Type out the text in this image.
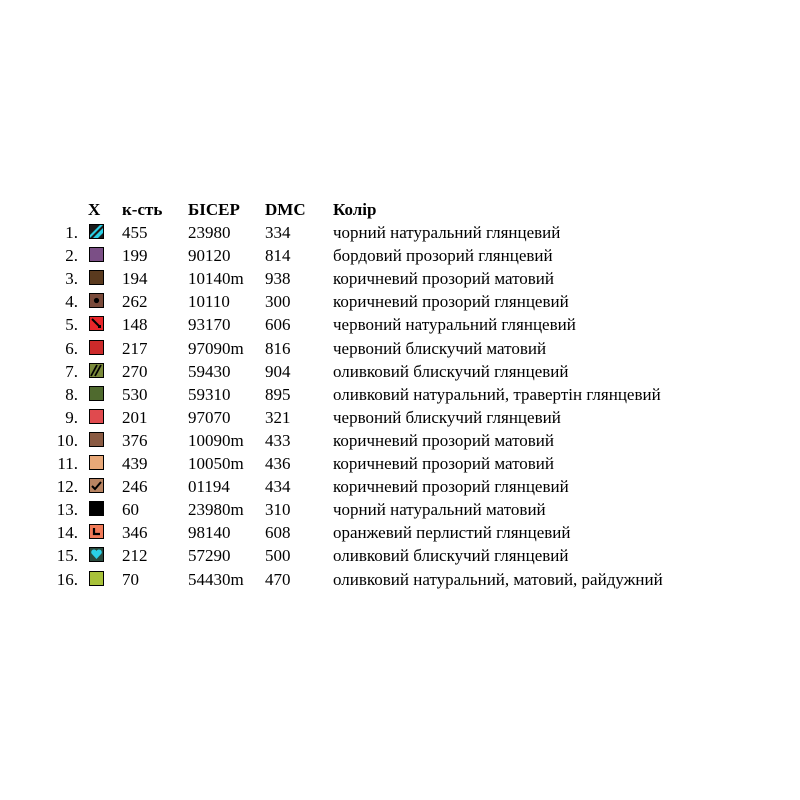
X к-сть БІСЕР DMC Колір
1.	455 23980 334	чорний натуральний глянцевий
2.	199 90120 814	бордовий прозорий глянцевий
3.	194 10140m 938	коричневий прозорий матовий
4.	262 10110 300	коричневий прозорий глянцевий
5.	148 93170 606	червоний натуральний глянцевий
6.	217 97090m 816	червоний блискучий матовий
7.	270 59430 904	оливковий блискучий глянцевий
8.	530 59310 895	оливковий натуральний, травертін глянцевий
9.	201 97070 321	червоний блискучий глянцевий
10.	376 10090m 433	коричневий прозорий матовий
11.	439 10050m 436	коричневий прозорий матовий
12.	246 01194 434	коричневий прозорий глянцевий
13.	60	23980m 310	чорний натуральний матовий
14.	346 98140 608	оранжевий перлистий глянцевий
15.	212 57290 500	оливковий блискучий глянцевий
16.	70	54430m 470	оливковий натуральний, матовий, райдужний
